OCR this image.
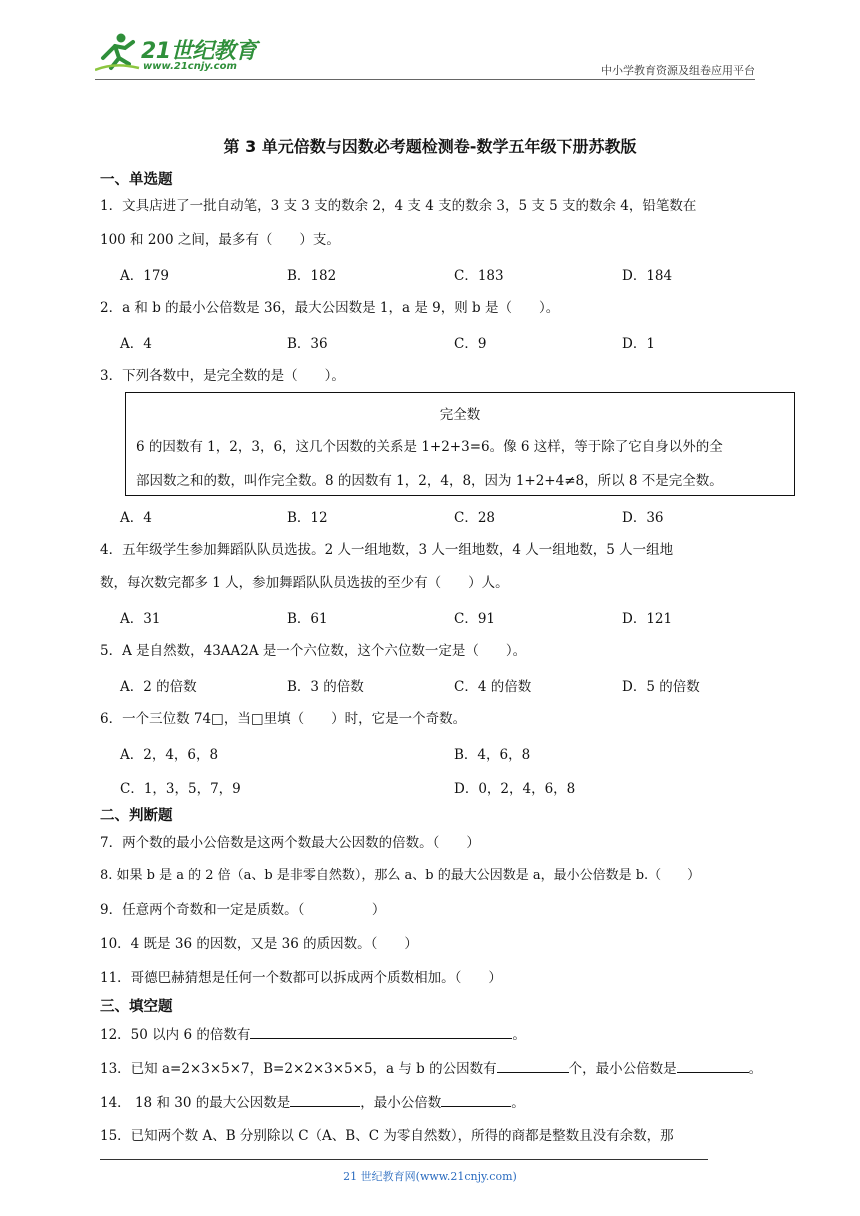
21世纪教育
www.21cnjy.com	中小学教育资源及组卷应用平台
第 3 单元倍数与因数必考题检测卷-数学五年级下册苏教版
一、单选题
1．文具店进了一批自动笔，3 支 3 支的数余 2，4 支 4 支的数余 3，5 支 5 支的数余 4，铅笔数在
100 和 200 之间，最多有（　　）支。
A．179	B．182	C．183	D．184
2．a 和 b 的最小公倍数是 36，最大公因数是 1，a 是 9，则 b 是（　　）。
A．4	B．36	C．9	D．1
3．下列各数中，是完全数的是（　　）。
完全数
6 的因数有 1，2，3，6，这几个因数的关系是 1+2+3=6。像 6 这样，等于除了它自身以外的全
部因数之和的数，叫作完全数。8 的因数有 1，2，4，8，因为 1+2+4≠8，所以 8 不是完全数。
A．4	B．12	C．28	D．36
4．五年级学生参加舞蹈队队员选拔。2 人一组地数，3 人一组地数，4 人一组地数，5 人一组地
数，每次数完都多 1 人，参加舞蹈队队员选拔的至少有（　　）人。
A．31	B．61	C．91	D．121
5．A 是自然数，43AA2A 是一个六位数，这个六位数一定是（　　）。
A．2 的倍数	B．3 的倍数	C．4 的倍数	D．5 的倍数
6．一个三位数 74□，当□里填（　　）时，它是一个奇数。
A．2，4，6，8	B．4，6，8
C．1，3，5，7，9	D．0，2，4，6，8
二、判断题
7．两个数的最小公倍数是这两个数最大公因数的倍数。（　　）
8. 如果 b 是 a 的 2 倍（a、b 是非零自然数），那么 a、b 的最大公因数是 a，最小公倍数是 b.（　　）
9．任意两个奇数和一定是质数。（　　　　　）
10．4 既是 36 的因数，又是 36 的质因数。（　　）
11．哥德巴赫猜想是任何一个数都可以拆成两个质数相加。（　　）
三、填空题
12．50 以内 6 的倍数有	。
13．已知 a=2×3×5×7，B=2×2×3×5×5，a 与 b 的公因数有	个，最小公倍数是	。
14． 18 和 30 的最大公因数是	，最小公倍数	。
15．已知两个数 A、B 分别除以 C（A、B、C 为零自然数），所得的商都是整数且没有余数，那
21 世纪教育网(www.21cnjy.com)
